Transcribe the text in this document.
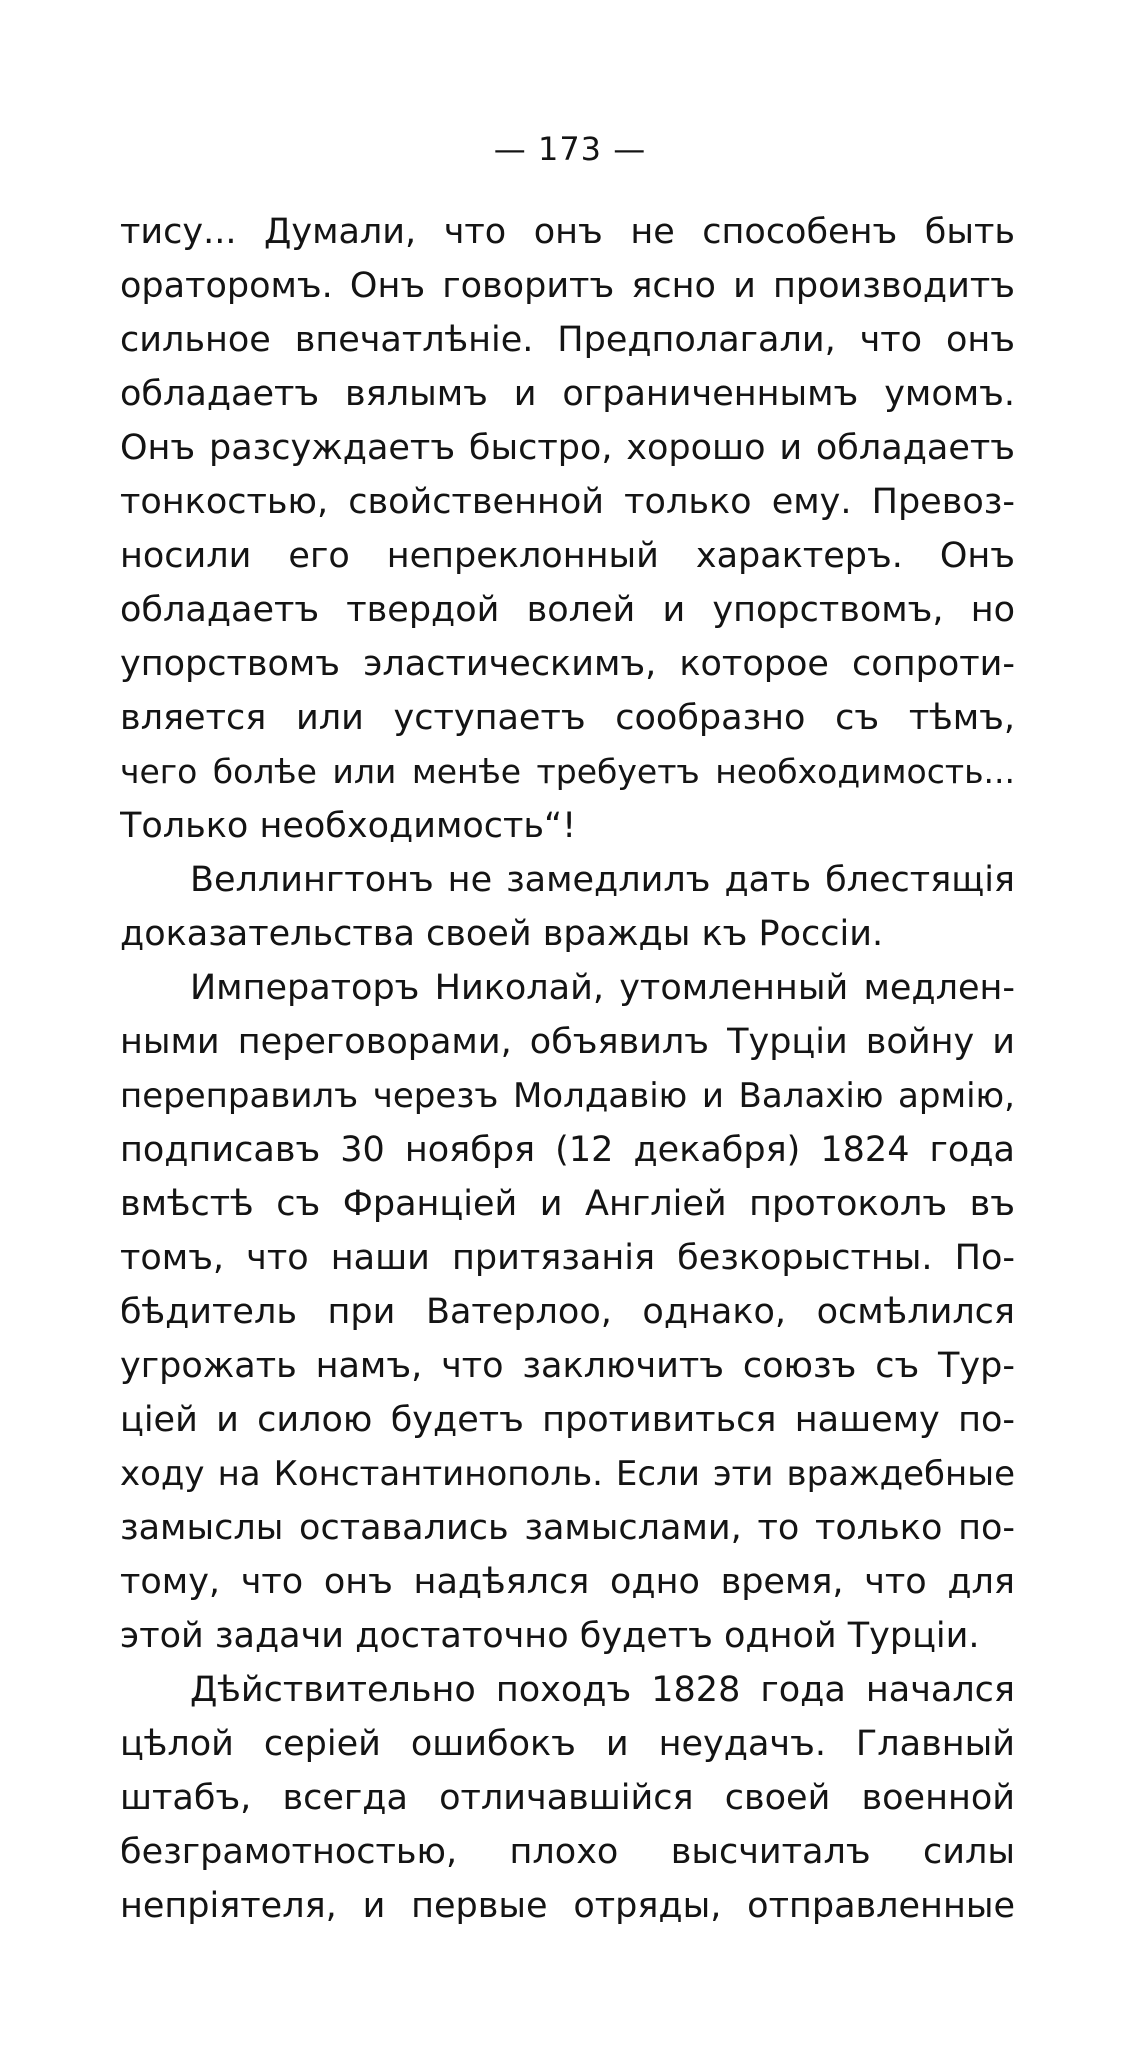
— 173 —
тису... Думали, что онъ не способенъ быть
ораторомъ. Онъ говоритъ ясно и производитъ
сильное впечатлѣніе. Предполагали, что онъ
обладаетъ вялымъ и ограниченнымъ умомъ.
Онъ разсуждаетъ быстро, хорошо и обладаетъ
тонкостью, свойственной только ему. Превоз-
носили его непреклонный характеръ. Онъ
обладаетъ твердой волей и упорствомъ, но
упорствомъ эластическимъ, которое сопроти-
вляется или уступаетъ сообразно съ тѣмъ,
чего болѣе или менѣе требуетъ необходимость...
Только необходимость“!
Веллингтонъ не замедлилъ дать блестящія
доказательства своей вражды къ Россіи.
Императоръ Николай, утомленный медлен-
ными переговорами, объявилъ Турціи войну и
переправилъ черезъ Молдавію и Валахію армію,
подписавъ 30 ноября (12 декабря) 1824 года
вмѣстѣ съ Франціей и Англіей протоколъ въ
томъ, что наши притязанія безкорыстны. По-
бѣдитель при Ватерлоо, однако, осмѣлился
угрожать намъ, что заключитъ союзъ съ Тур-
ціей и силою будетъ противиться нашему по-
ходу на Константинополь. Если эти враждебные
замыслы оставались замыслами, то только по-
тому, что онъ надѣялся одно время, что для
этой задачи достаточно будетъ одной Турціи.
Дѣйствительно походъ 1828 года начался
цѣлой серіей ошибокъ и неудачъ. Главный
штабъ, всегда отличавшійся своей военной
безграмотностью, плохо высчиталъ силы
непріятеля, и первые отряды, отправленные
